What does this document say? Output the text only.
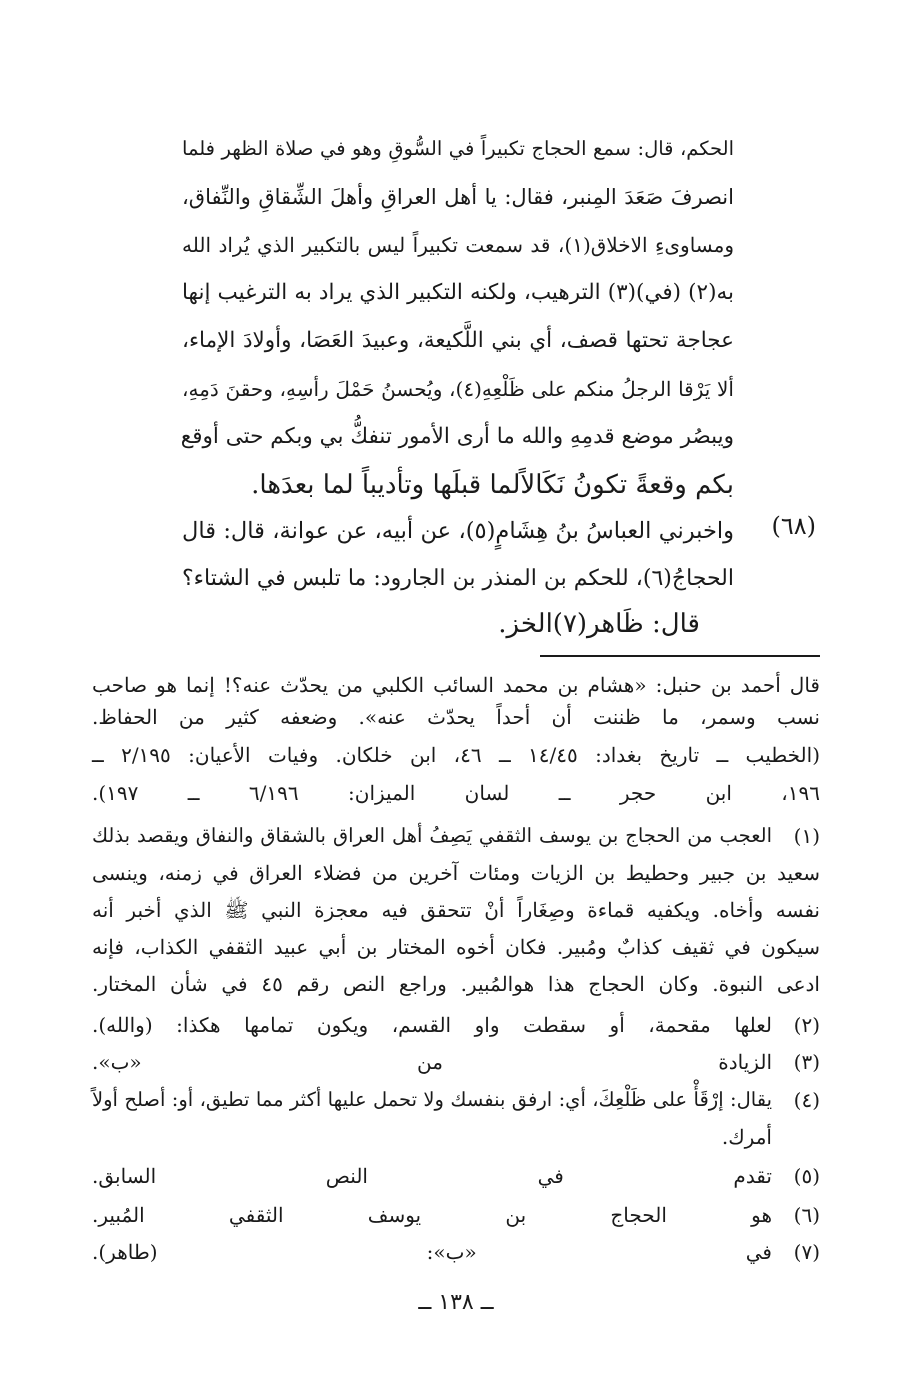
الحكم، قال: سمع الحجاج تكبيراً في السُّوقِ وهو في صلاة الظهر فلما
انصرفَ صَعَدَ المِنبر، فقال: يا أهل العراقِ وأهلَ الشِّقاقِ والنِّفاق،
ومساوىءِ الاخلاق(١)، قد سمعت تكبيراً ليس بالتكبير الذي يُراد الله
به(٢) (في)(٣) الترهيب، ولكنه التكبير الذي يراد به الترغيب إنها
عجاجة تحتها قصف، أي بني اللَّكيعة، وعبيدَ العَصَا، وأولادَ الإماء،
ألا يَرْقا الرجلُ منكم على ظَلْعِهِ(٤)، ويُحسنُ حَمْلَ رأسِهِ، وحقنَ دَمِهِ،
ويبصُر موضع قدمِهِ والله ما أرى الأمور تنفكُّ بي وبكم حتى أوقع
بكم وقعةً تكونُ نَكَالاًلما قبلَها وتأديباً لما بعدَها.
(٦٨)
واخبرني العباسُ بنُ هِشَامٍ(٥)، عن أبيه، عن عوانة، قال: قال
الحجاجُ(٦)، للحكم بن المنذر بن الجارود: ما تلبس في الشتاء؟
قال: ظَاهر(٧)الخز.
قال أحمد بن حنبل: «هشام بن محمد السائب الكلبي من يحدّث عنه؟! إنما هو صاحب
نسب وسمر، ما ظننت أن أحداً يحدّث عنه». وضعفه كثير من الحفاظ.
(الخطيب ــ تاريخ بغداد: ١٤/٤٥ ــ ٤٦، ابن خلكان. وفيات الأعيان: ٢/١٩٥ ــ
١٩٦، ابن حجر ــ لسان الميزان: ٦/١٩٦ ــ ١٩٧).
(١)
العجب من الحجاج بن يوسف الثقفي يَصِفُ أهل العراق بالشقاق والنفاق ويقصد بذلك
سعيد بن جبير وحطيط بن الزيات ومئات آخرين من فضلاء العراق في زمنه، وينسى
نفسه وأخاه. ويكفيه قماءة وصِغَاراً أنْ تتحقق فيه معجزة النبي ﷺ الذي أخبر أنه
سيكون في ثقيف كذابٌ ومُبير. فكان أخوه المختار بن أبي عبيد الثقفي الكذاب، فإنه
ادعى النبوة. وكان الحجاج هذا هوالمُبير. وراجع النص رقم ٤٥ في شأن المختار.
(٢)
لعلها مقحمة، أو سقطت واو القسم، ويكون تمامها هكذا: (والله).
(٣)
الزيادة من «ب».
(٤)
يقال: إرْقَأْ على ظَلْعِكَ، أي: ارفق بنفسك ولا تحمل عليها أكثر مما تطيق، أو: أصلح أولاً
أمرك.
(٥)
تقدم في النص السابق.
(٦)
هو الحجاج بن يوسف الثقفي المُبير.
(٧)
في «ب»: (طاهر).
ــ ١٣٨ ــ
